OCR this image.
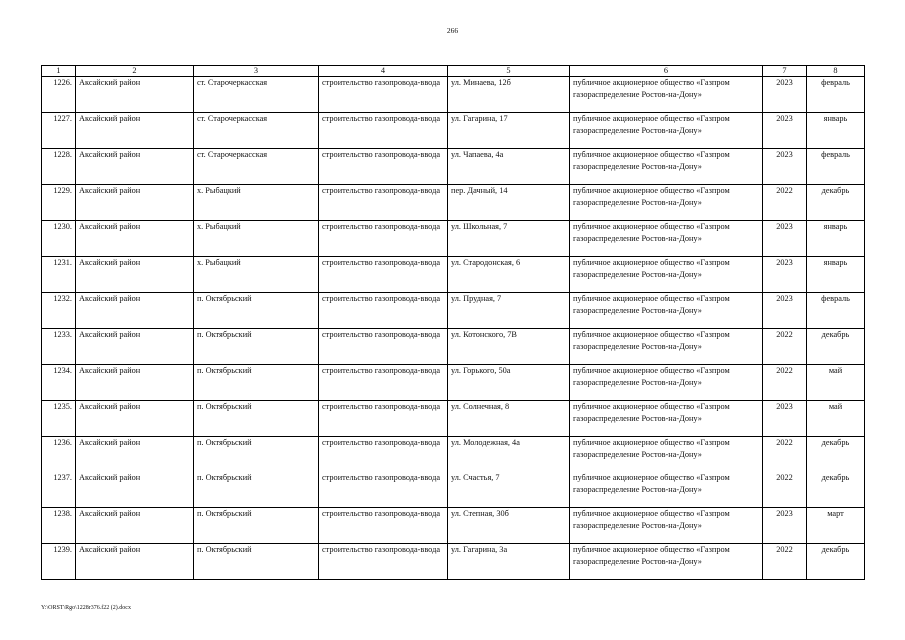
266
1	2	3	4	5	6	7	8
1226.	Аксайский район	ст. Старочеркасская	строительство газопровода-ввода	ул. Минаева, 12б	публичное акционерное общество «Газпром газораспределение Ростов-на-Дону»	2023	февраль
1227.	Аксайский район	ст. Старочеркасская	строительство газопровода-ввода	ул. Гагарина, 17	публичное акционерное общество «Газпром газораспределение Ростов-на-Дону»	2023	январь
1228.	Аксайский район	ст. Старочеркасская	строительство газопровода-ввода	ул. Чапаева, 4а	публичное акционерное общество «Газпром газораспределение Ростов-на-Дону»	2023	февраль
1229.	Аксайский район	х. Рыбацкий	строительство газопровода-ввода	пер. Дачный, 14	публичное акционерное общество «Газпром газораспределение Ростов-на-Дону»	2022	декабрь
1230.	Аксайский район	х. Рыбацкий	строительство газопровода-ввода	ул. Школьная, 7	публичное акционерное общество «Газпром газораспределение Ростов-на-Дону»	2023	январь
1231.	Аксайский район	х. Рыбацкий	строительство газопровода-ввода	ул. Стародонская, 6	публичное акционерное общество «Газпром газораспределение Ростов-на-Дону»	2023	январь
1232.	Аксайский район	п. Октябрьский	строительство газопровода-ввода	ул. Прудная, 7	публичное акционерное общество «Газпром газораспределение Ростов-на-Дону»	2023	февраль
1233.	Аксайский район	п. Октябрьский	строительство газопровода-ввода	ул. Котонского, 7В	публичное акционерное общество «Газпром газораспределение Ростов-на-Дону»	2022	декабрь
1234.	Аксайский район	п. Октябрьский	строительство газопровода-ввода	ул. Горького, 50а	публичное акционерное общество «Газпром газораспределение Ростов-на-Дону»	2022	май
1235.	Аксайский район	п. Октябрьский	строительство газопровода-ввода	ул. Солнечная, 8	публичное акционерное общество «Газпром газораспределение Ростов-на-Дону»	2023	май
1236.	Аксайский район	п. Октябрьский	строительство газопровода-ввода	ул. Молодежная, 4а	публичное акционерное общество «Газпром газораспределение Ростов-на-Дону»	2022	декабрь
1237.	Аксайский район	п. Октябрьский	строительство газопровода-ввода	ул. Счастья, 7	публичное акционерное общество «Газпром газораспределение Ростов-на-Дону»	2022	декабрь
1238.	Аксайский район	п. Октябрьский	строительство газопровода-ввода	ул. Степная, 30б	публичное акционерное общество «Газпром газораспределение Ростов-на-Дону»	2023	март
1239.	Аксайский район	п. Октябрьский	строительство газопровода-ввода	ул. Гагарина, 3а	публичное акционерное общество «Газпром газораспределение Ростов-на-Дону»	2022	декабрь
Y:\ORST\Rgo\1228r376.f22 (2).docx
